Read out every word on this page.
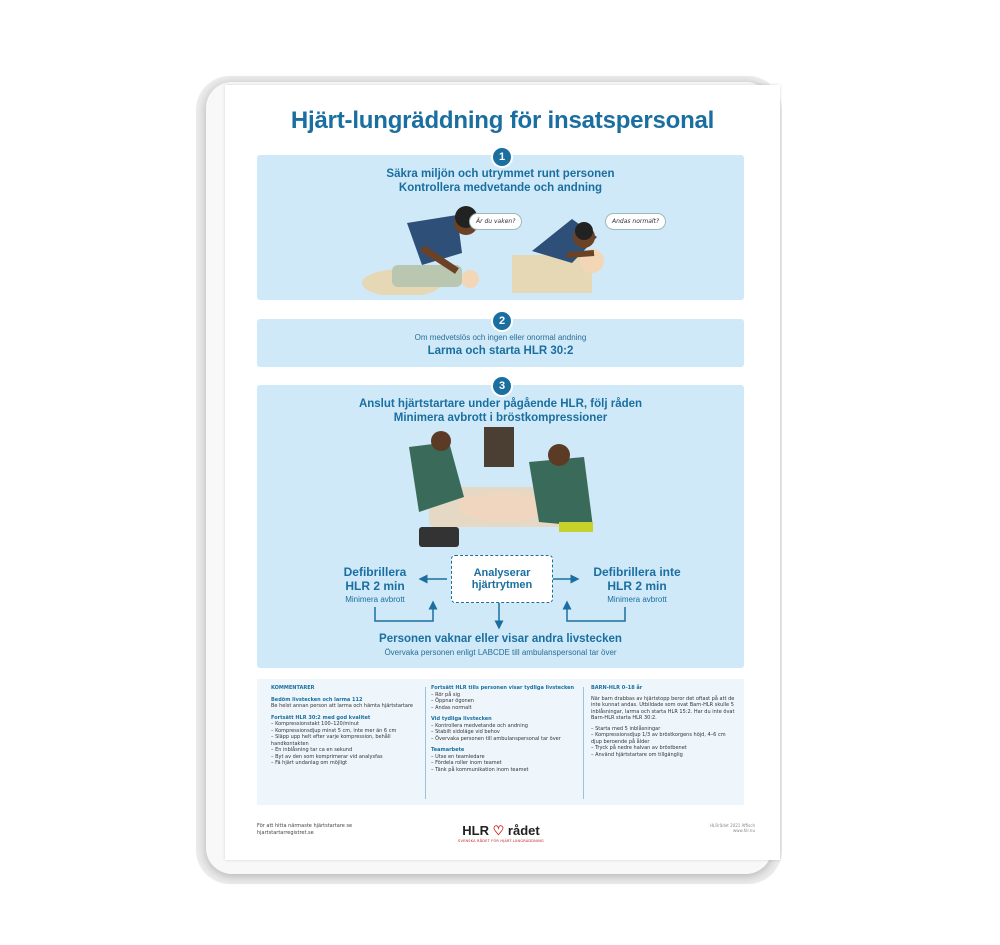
Hjärt-lungräddning för insatspersonal
Säkra miljön och utrymmet runt personen
Kontrollera medvetande och andning
Är du vaken?	Andas normalt?
1
Om medvetslös och ingen eller onormal andning
Larma och starta HLR 30:2
2
Anslut hjärtstartare under pågående HLR, följ råden
Minimera avbrott i bröstkompressioner
Defibrillera
HLR 2 min
Minimera avbrott
Defibrillera inte
HLR 2 min
Minimera avbrott
Analyserar
hjärtrytmen
Personen vaknar eller visar andra livstecken
Övervaka personen enligt LABCDE till ambulanspersonal tar över
3
KOMMENTARER
Bedöm livstecken och larma 112
Be helst annan person att larma och hämta hjärtstartare
Fortsätt HLR 30:2 med god kvalitet
– Kompressionstakt 100–120/minut
– Kompressionsdjup minst 5 cm, inte mer än 6 cm
– Släpp upp helt efter varje kompression, behåll handkontakten
– En inblåsning tar ca en sekund
– Byt av den som komprimerar vid analysfas
– Fä hjärt undanlag om möjligt
Fortsätt HLR tills personen visar tydliga livstecken
– Rör på sig
– Öppnar ögonen
– Andas normalt
Vid tydliga livstecken
– Kontrollera medvetande och andning
– Stabilt sidoläge vid behov
– Övervaka personen till ambulanspersonal tar över
Teamarbete
– Utse en teamledare
– Fördela roller inom teamet
– Tänk på kommunikation inom teamet
BARN-HLR 0–18 år
När barn drabbas av hjärtstopp beror det oftast på att de inte kunnat andas. Utbildade som ovat Barn-HLR skulle 5 inblåsningar, larma och starta HLR 15:2. Har du inte övat Barn-HLR starta HLR 30:2.
– Starta med 5 inblåsningar
– Kompressionsdjup 1/3 av bröstkorgens höjd, 4–6 cm djup beroende på ålder
– Tryck på nedre halvan av bröstbenet
– Använd hjärtstartare om tillgänglig
För att hitta närmaste hjärtstartare se hjartstartarregistret.se	HLR ♡ rådet
SVENSKA RÅDET FÖR HJÄRT-LUNGRÄDDNING
HLRrådet 2021 Affisch www.hlr.nu
